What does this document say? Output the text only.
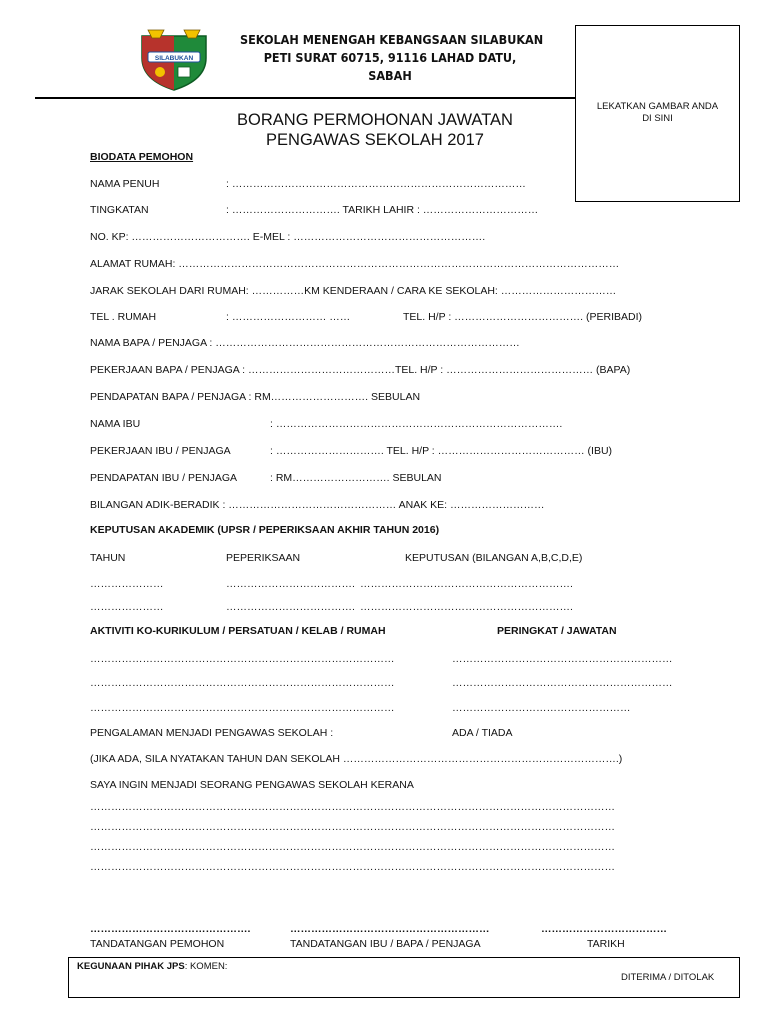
SILABUKAN
SEKOLAH MENENGAH KEBANGSAAN SILABUKAN
PETI SURAT 60715, 91116 LAHAD DATU,
SABAH
LEKATKAN GAMBAR ANDA
DI SINI
BORANG PERMOHONAN JAWATAN
PENGAWAS SEKOLAH 2017
BIODATA PEMOHON
NAMA PENUH	: …………………………………………………………………………
TINGKATAN	: …………………………. TARIKH LAHIR : ……………………………
NO. KP: ……………………………. E-MEL : ……………………………………………….
ALAMAT RUMAH: ………………………………………………………………………………………………………………
JARAK SEKOLAH DARI RUMAH: ……………KM KENDERAAN / CARA KE SEKOLAH: ……………………………
TEL . RUMAH	: ……………………… ……	TEL. H/P : ………………………………. (PERIBADI)
NAMA BAPA / PENJAGA : ……………………………………………………………………………
PEKERJAAN BAPA / PENJAGA : ……………………………………TEL. H/P : …………………………………… (BAPA)
PENDAPATAN BAPA / PENJAGA : RM………………………. SEBULAN
NAMA IBU	: ……………………………………………………………………….
PEKERJAAN IBU / PENJAGA	: …………………………. TEL. H/P : …………………………………… (IBU)
PENDAPATAN IBU / PENJAGA	: RM………………………. SEBULAN
BILANGAN ADIK-BERADIK : ………………………………………… ANAK KE: ………………………
KEPUTUSAN AKADEMIK (UPSR / PEPERIKSAAN AKHIR TAHUN 2016)
TAHUN	PEPERIKSAAN	KEPUTUSAN (BILANGAN A,B,C,D,E)
…………………	………………………………. …………………………………………………….
…………………	………………………………. …………………………………………………….
AKTIVITI KO-KURIKULUM / PERSATUAN / KELAB / RUMAH	PERINGKAT / JAWATAN
……………………………………………………………………………	………………………………………………………
……………………………………………………………………………	………………………………………………………
……………………………………………………………………………	……………………………………………
PENGALAMAN MENJADI PENGAWAS SEKOLAH :	ADA / TIADA
(JIKA ADA, SILA NYATAKAN TAHUN DAN SEKOLAH …………………………………………………………………….)
SAYA INGIN MENJADI SEORANG PENGAWAS SEKOLAH KERANA
……………………………………………………………………………………………………………………………………
……………………………………………………………………………………………………………………………………
……………………………………………………………………………………………………………………………………
……………………………………………………………………………………………………………………………………
……………………………………….	…………………………………………………	………………………………
TANDATANGAN PEMOHON	TANDATANGAN IBU / BAPA / PENJAGA	TARIKH
KEGUNAAN PIHAK JPS: KOMEN:
DITERIMA / DITOLAK
